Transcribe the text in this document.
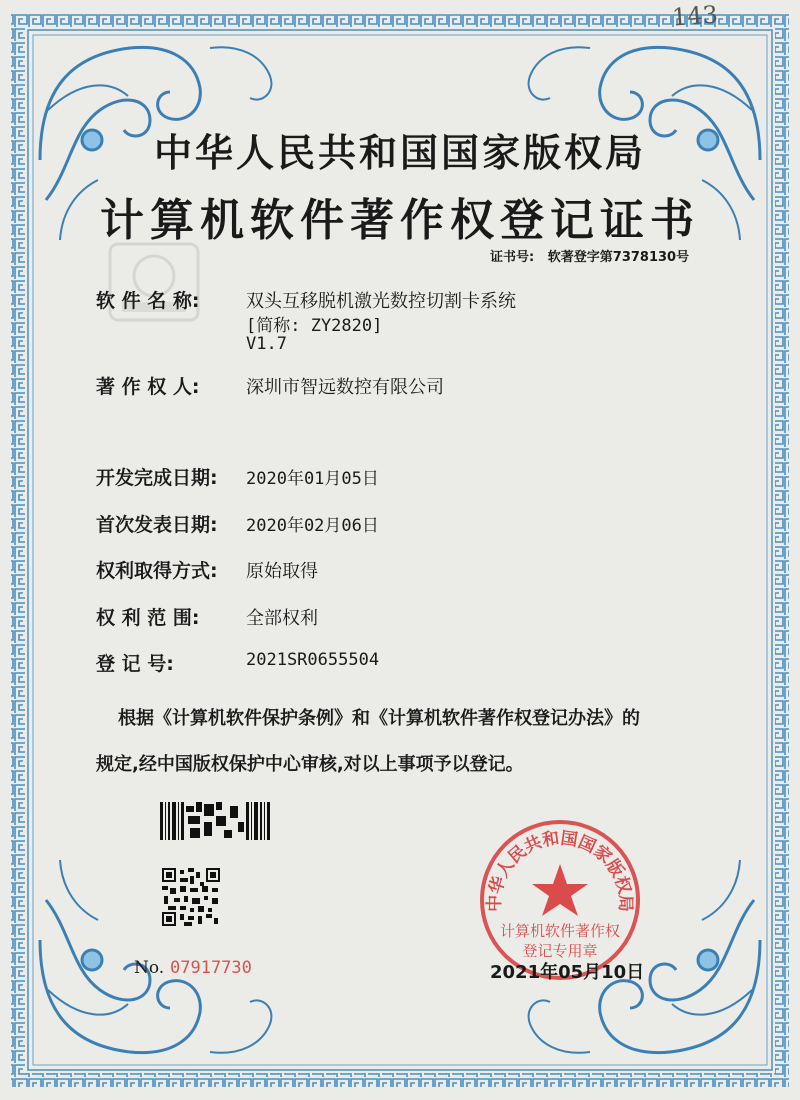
143
中华人民共和国国家版权局
计算机软件著作权登记证书
证书号: 软著登字第7378130号
软 件 名 称:	双头互移脱机激光数控切割卡系统
[简称: ZY2820]
V1.7
著 作 权 人:	深圳市智远数控有限公司
开发完成日期: 2020年01月05日
首次发表日期: 2020年02月06日
权利取得方式: 原始取得
权 利 范 围:	全部权利
登 记 号:	2021SR0655504
根据《计算机软件保护条例》和《计算机软件著作权登记办法》的
规定,经中国版权保护中心审核,对以上事项予以登记。
No. 07917730
中华人民共和国国家版权局
计算机软件著作权
登记专用章
2021年05月10日
